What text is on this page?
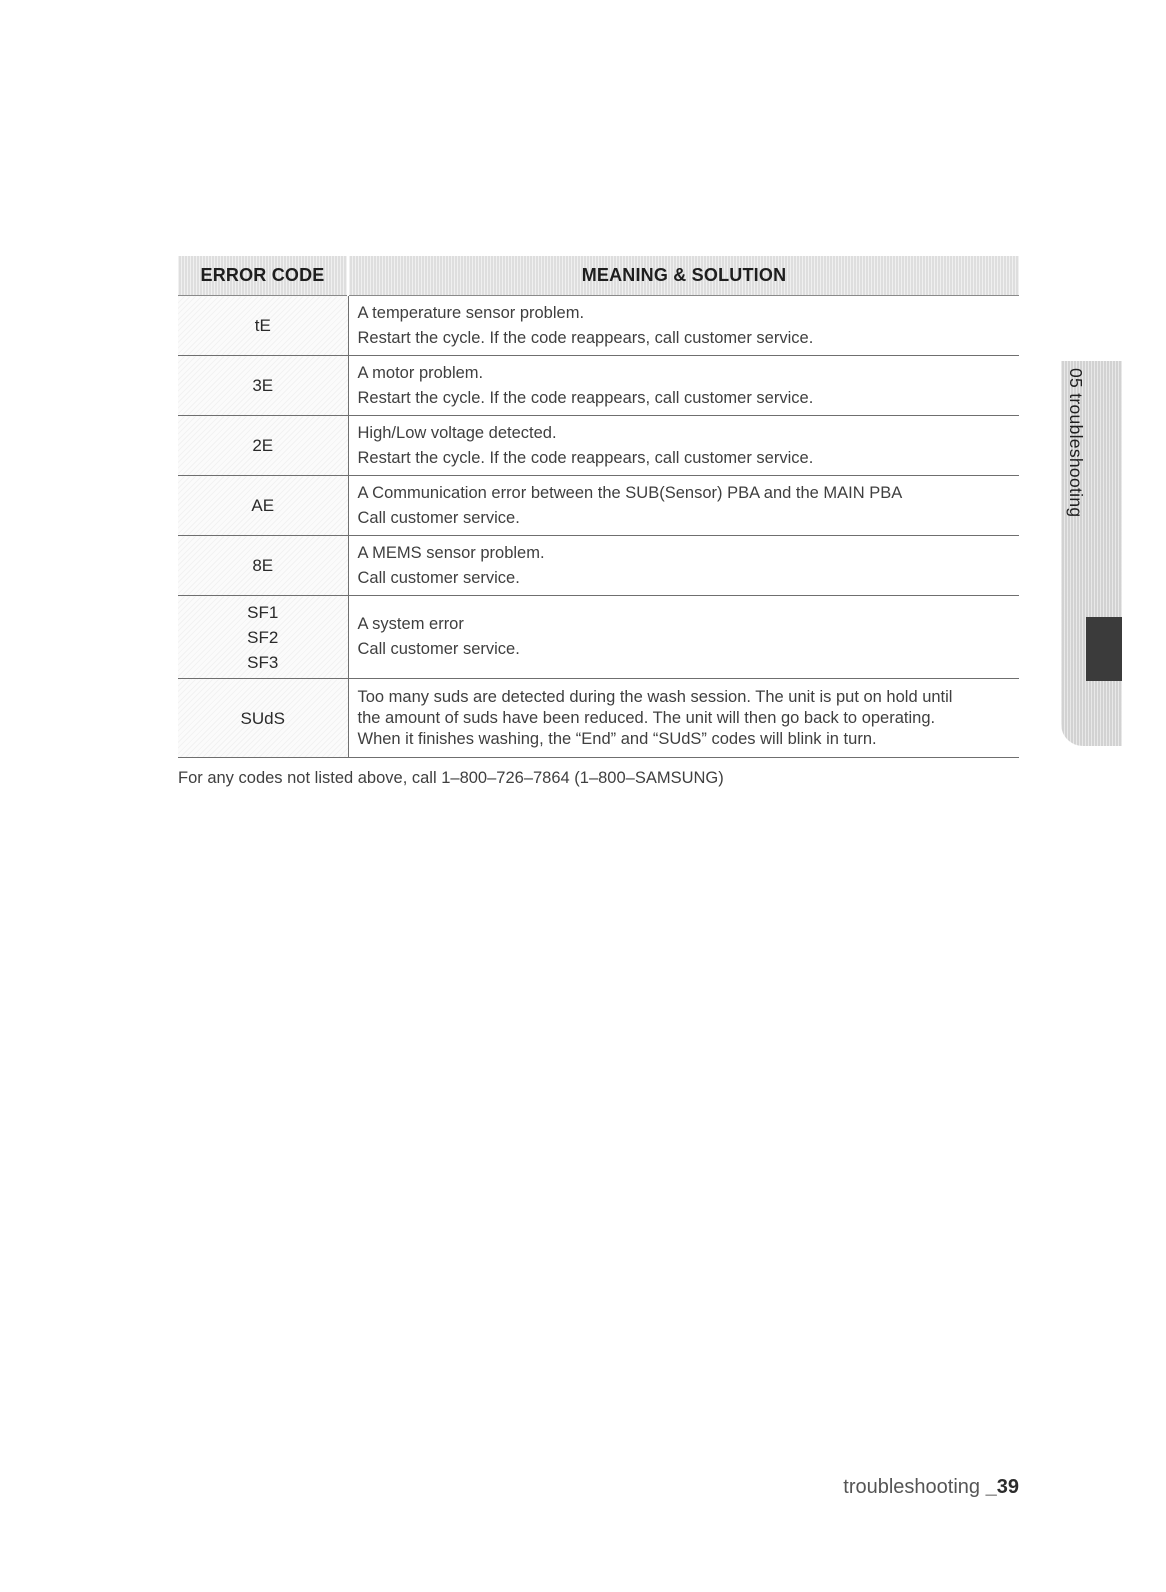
ERROR CODE	MEANING & SOLUTION

tE	A temperature sensor problem.
Restart the cycle. If the code reappears, call customer service.

3E	A motor problem.
Restart the cycle. If the code reappears, call customer service.

2E	High/Low voltage detected.
Restart the cycle. If the code reappears, call customer service.

AE	A Communication error between the SUB(Sensor) PBA and the MAIN PBA
Call customer service.

8E	A MEMS sensor problem.
Call customer service.

SF1
SF2
SF3	A system error
Call customer service.

SUdS	Too many suds are detected during the wash session. The unit is put on hold until
the amount of suds have been reduced. The unit will then go back to operating.
When it finishes washing, the “End” and “SUdS” codes will blink in turn.

For any codes not listed above, call 1–800–726–7864 (1–800–SAMSUNG)

05 troubleshooting
troubleshooting _39
